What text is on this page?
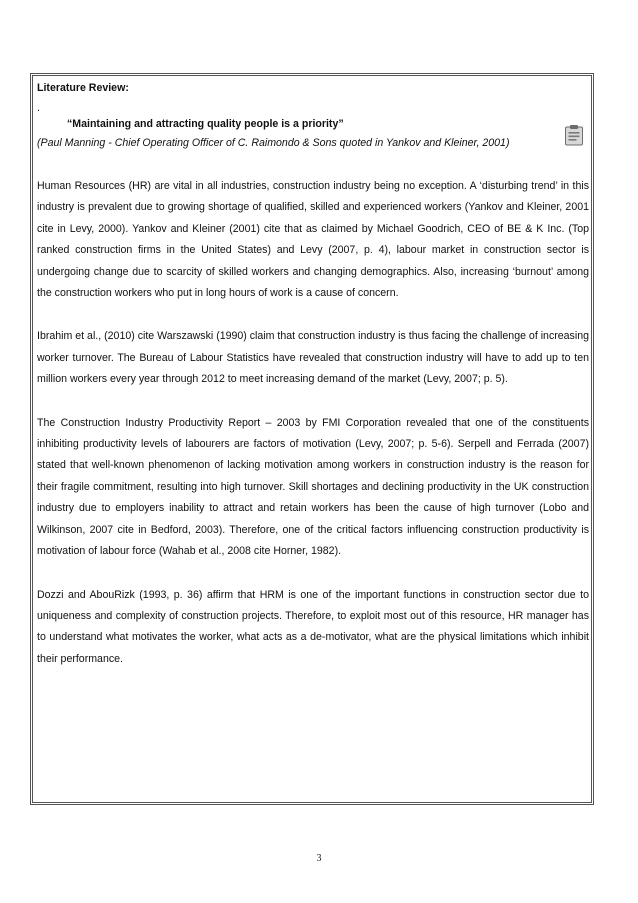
Literature Review:

.

“Maintaining and attracting quality people is a priority”

(Paul Manning - Chief Operating Officer of C. Raimondo & Sons quoted in Yankov and Kleiner, 2001)

Human Resources (HR) are vital in all industries, construction industry being no exception. A ‘disturbing trend’ in this industry is prevalent due to growing shortage of qualified, skilled and experienced workers (Yankov and Kleiner, 2001 cite in Levy, 2000). Yankov and Kleiner (2001) cite that as claimed by Michael Goodrich, CEO of BE & K Inc. (Top ranked construction firms in the United States) and Levy (2007, p. 4), labour market in construction sector is undergoing change due to scarcity of skilled workers and changing demographics. Also, increasing ‘burnout’ among the construction workers who put in long hours of work is a cause of concern.

Ibrahim et al., (2010) cite Warszawski (1990) claim that construction industry is thus facing the challenge of increasing worker turnover. The Bureau of Labour Statistics have revealed that construction industry will have to add up to ten million workers every year through 2012 to meet increasing demand of the market (Levy, 2007; p. 5).

The Construction Industry Productivity Report – 2003 by FMI Corporation revealed that one of the constituents inhibiting productivity levels of labourers are factors of motivation (Levy, 2007; p. 5-6). Serpell and Ferrada (2007) stated that well-known phenomenon of lacking motivation among workers in construction industry is the reason for their fragile commitment, resulting into high turnover. Skill shortages and declining productivity in the UK construction industry due to employers inability to attract and retain workers has been the cause of high turnover (Lobo and Wilkinson, 2007 cite in Bedford, 2003). Therefore, one of the critical factors influencing construction productivity is motivation of labour force (Wahab et al., 2008 cite Horner, 1982).

Dozzi and AbouRizk (1993, p. 36) affirm that HRM is one of the important functions in construction sector due to uniqueness and complexity of construction projects. Therefore, to exploit most out of this resource, HR manager has to understand what motivates the worker, what acts as a de-motivator, what are the physical limitations which inhibit their performance.

3
